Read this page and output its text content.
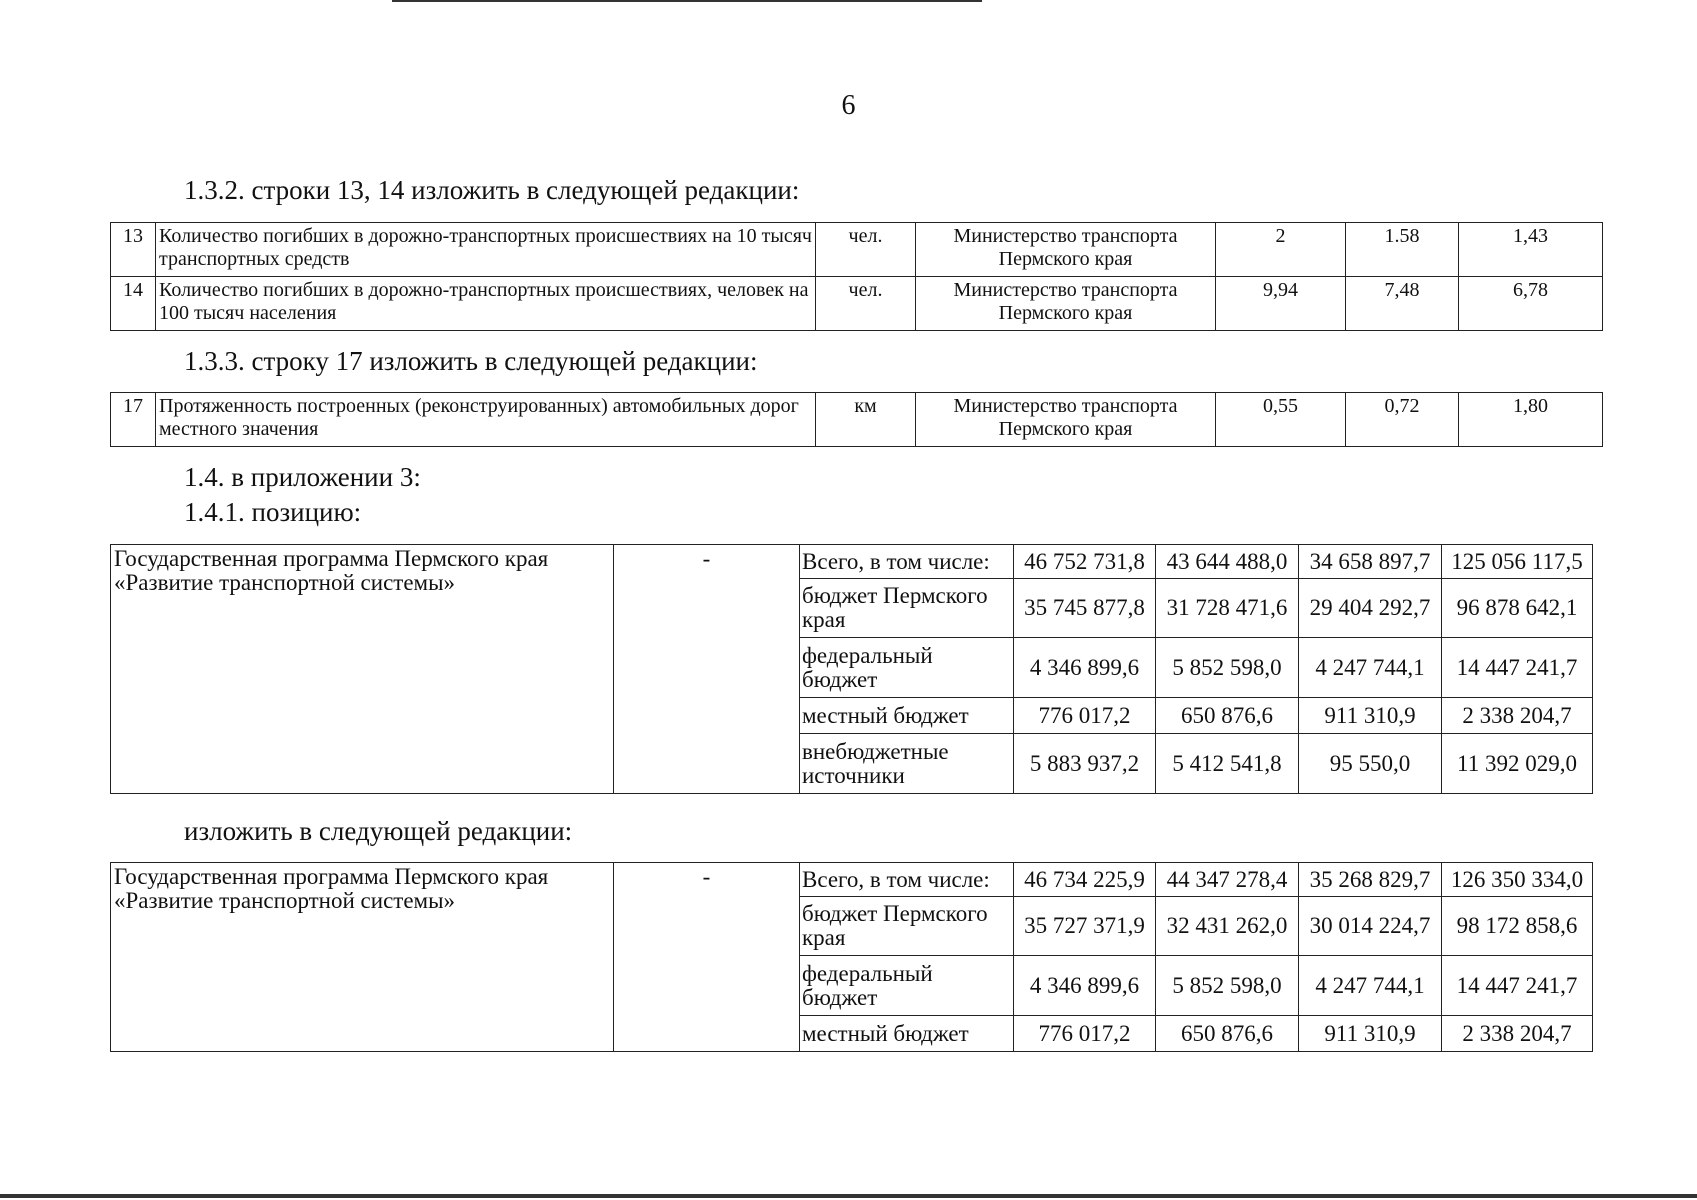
6
1.3.2. строки 13, 14 изложить в следующей редакции:
13	Количество погибших в дорожно-транспортных происшествиях на 10 тысяч транспортных средств	чел.	Министерство транспорта Пермского края	2	1.58	1,43
14	Количество погибших в дорожно-транспортных происшествиях, человек на 100 тысяч населения	чел.	Министерство транспорта Пермского края	9,94	7,48	6,78
1.3.3. строку 17 изложить в следующей редакции:
17	Протяженность построенных (реконструированных) автомобильных дорог местного значения	км	Министерство транспорта Пермского края	0,55	0,72	1,80
1.4. в приложении 3:
1.4.1. позицию:
Государственная программа Пермского края «Развитие транспортной системы»	-	Всего, в том числе:	46 752 731,8	43 644 488,0	34 658 897,7	125 056 117,5
		бюджет Пермского края	35 745 877,8	31 728 471,6	29 404 292,7	96 878 642,1
		федеральный бюджет	4 346 899,6	5 852 598,0	4 247 744,1	14 447 241,7
		местный бюджет	776 017,2	650 876,6	911 310,9	2 338 204,7
		внебюджетные источники	5 883 937,2	5 412 541,8	95 550,0	11 392 029,0
изложить в следующей редакции:
Государственная программа Пермского края «Развитие транспортной системы»	-	Всего, в том числе:	46 734 225,9	44 347 278,4	35 268 829,7	126 350 334,0
		бюджет Пермского края	35 727 371,9	32 431 262,0	30 014 224,7	98 172 858,6
		федеральный бюджет	4 346 899,6	5 852 598,0	4 247 744,1	14 447 241,7
		местный бюджет	776 017,2	650 876,6	911 310,9	2 338 204,7
